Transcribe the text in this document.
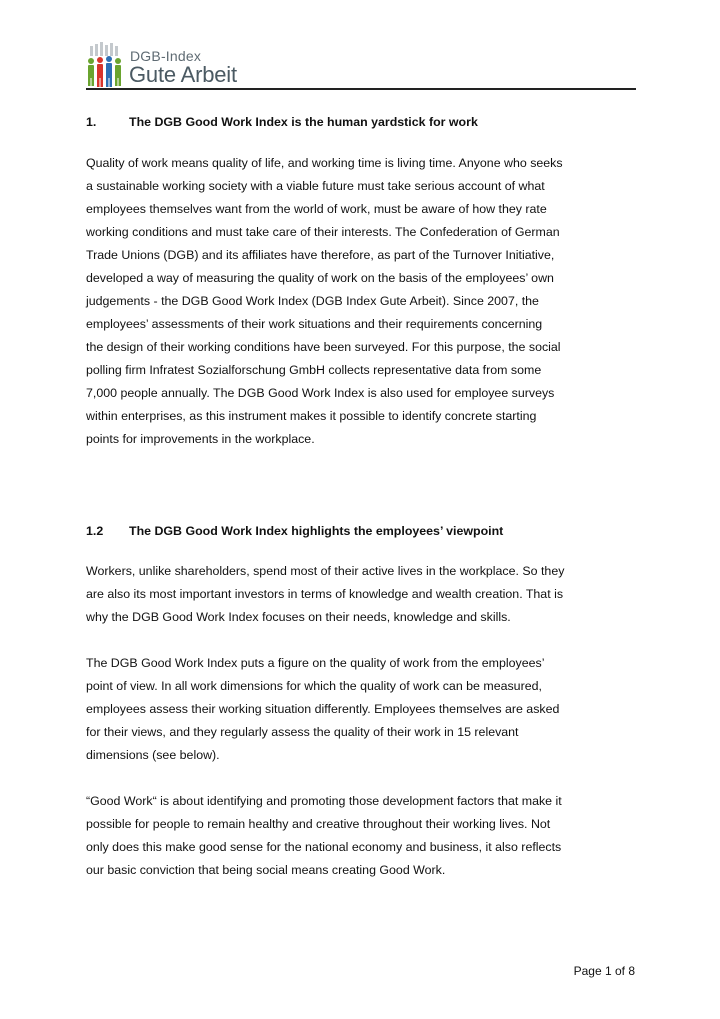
DGB-Index
Gute Arbeit
1.	The DGB Good Work Index is the human yardstick for work

Quality of work means quality of life, and working time is living time. Anyone who seeks
a sustainable working society with a viable future must take serious account of what
employees themselves want from the world of work, must be aware of how they rate
working conditions and must take care of their interests. The Confederation of German
Trade Unions (DGB) and its affiliates have therefore, as part of the Turnover Initiative,
developed a way of measuring the quality of work on the basis of the employees’ own
judgements - the DGB Good Work Index (DGB Index Gute Arbeit). Since 2007, the
employees’ assessments of their work situations and their requirements concerning
the design of their working conditions have been surveyed. For this purpose, the social
polling firm Infratest Sozialforschung GmbH collects representative data from some
7,000 people annually. The DGB Good Work Index is also used for employee surveys
within enterprises, as this instrument makes it possible to identify concrete starting
points for improvements in the workplace.

1.2 The DGB Good Work Index highlights the employees’ viewpoint

Workers, unlike shareholders, spend most of their active lives in the workplace. So they
are also its most important investors in terms of knowledge and wealth creation. That is
why the DGB Good Work Index focuses on their needs, knowledge and skills.

The DGB Good Work Index puts a figure on the quality of work from the employees’
point of view. In all work dimensions for which the quality of work can be measured,
employees assess their working situation differently. Employees themselves are asked
for their views, and they regularly assess the quality of their work in 15 relevant
dimensions (see below).

“Good Work“ is about identifying and promoting those development factors that make it
possible for people to remain healthy and creative throughout their working lives. Not
only does this make good sense for the national economy and business, it also reflects
our basic conviction that being social means creating Good Work.

Page 1 of 8
